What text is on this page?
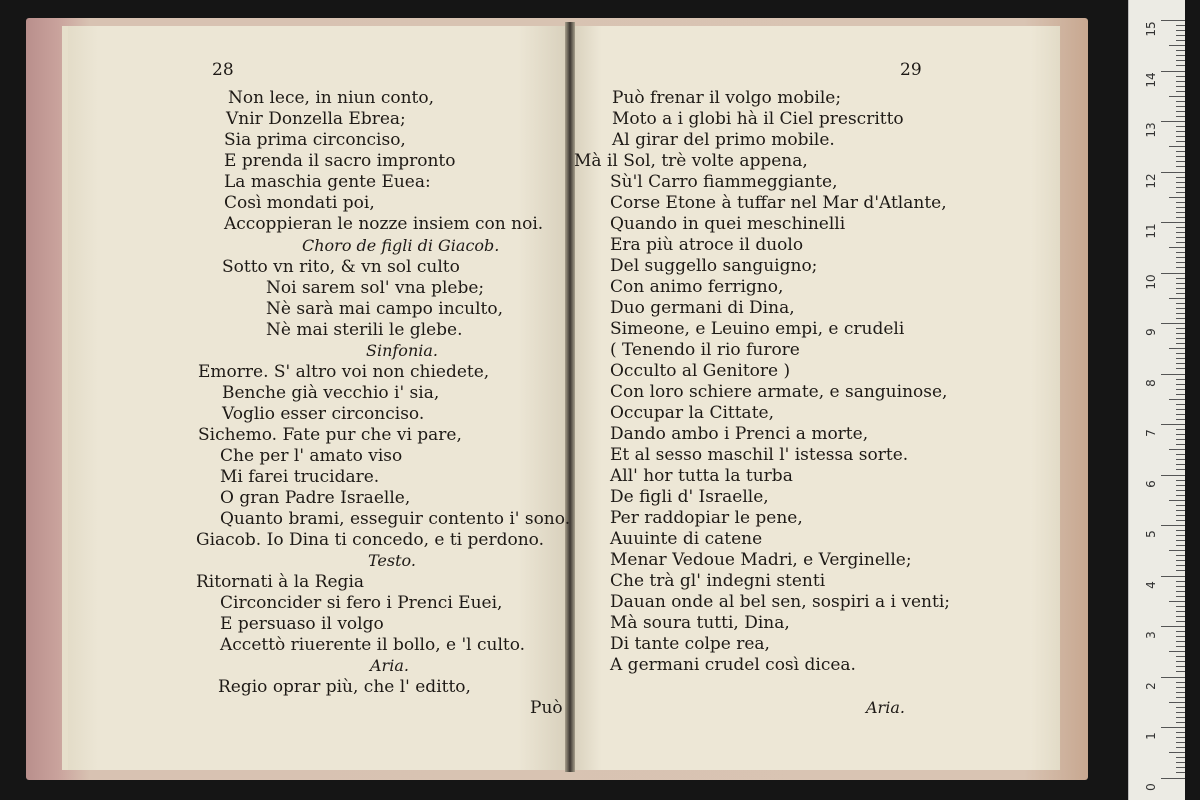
28	29
Non lece, in niun conto,
Vnir Donzella Ebrea;
Sia prima circonciso,
E prenda il sacro impronto
La maschia gente Euea:
Così mondati poi,
Accoppieran le nozze insiem con noi.
Choro de figli di Giacob.
Sotto vn rito, & vn sol culto
Noi sarem sol' vna plebe;
Nè sarà mai campo inculto,
Nè mai sterili le glebe.
Sinfonia.
Emorre. S' altro voi non chiedete,
Benche già vecchio i' sia,
Voglio esser circonciso.
Sichemo. Fate pur che vi pare,
Che per l' amato viso
Mi farei trucidare.
O gran Padre Israelle,
Quanto brami, esseguir contento i' sono.
Giacob. Io Dina ti concedo, e ti perdono.
Testo.
Ritornati à la Regia
Circoncider si fero i Prenci Euei,
E persuaso il volgo
Accettò riuerente il bollo, e 'l culto.
Aria.
Regio oprar più, che l' editto,
Può
Può frenar il volgo mobile;
Moto a i globi hà il Ciel prescritto
Al girar del primo mobile.
Mà il Sol, trè volte appena,
Sù'l Carro fiammeggiante,
Corse Etone à tuffar nel Mar d'Atlante,
Quando in quei meschinelli
Era più atroce il duolo
Del suggello sanguigno;
Con animo ferrigno,
Duo germani di Dina,
Simeone, e Leuino empi, e crudeli
( Tenendo il rio furore
Occulto al Genitore )
Con loro schiere armate, e sanguinose,
Occupar la Cittate,
Dando ambo i Prenci a morte,
Et al sesso maschil l' istessa sorte.
All' hor tutta la turba
De figli d' Israelle,
Per raddopiar le pene,
Auuinte di catene
Menar Vedoue Madri, e Verginelle;
Che trà gl' indegni stenti
Dauan onde al bel sen, sospiri a i venti;
Mà soura tutti, Dina,
Di tante colpe rea,
A germani crudel così dicea.
Aria.
15
14
13
12
11
10
9
8
7
6
5
4
3
2
1
0
